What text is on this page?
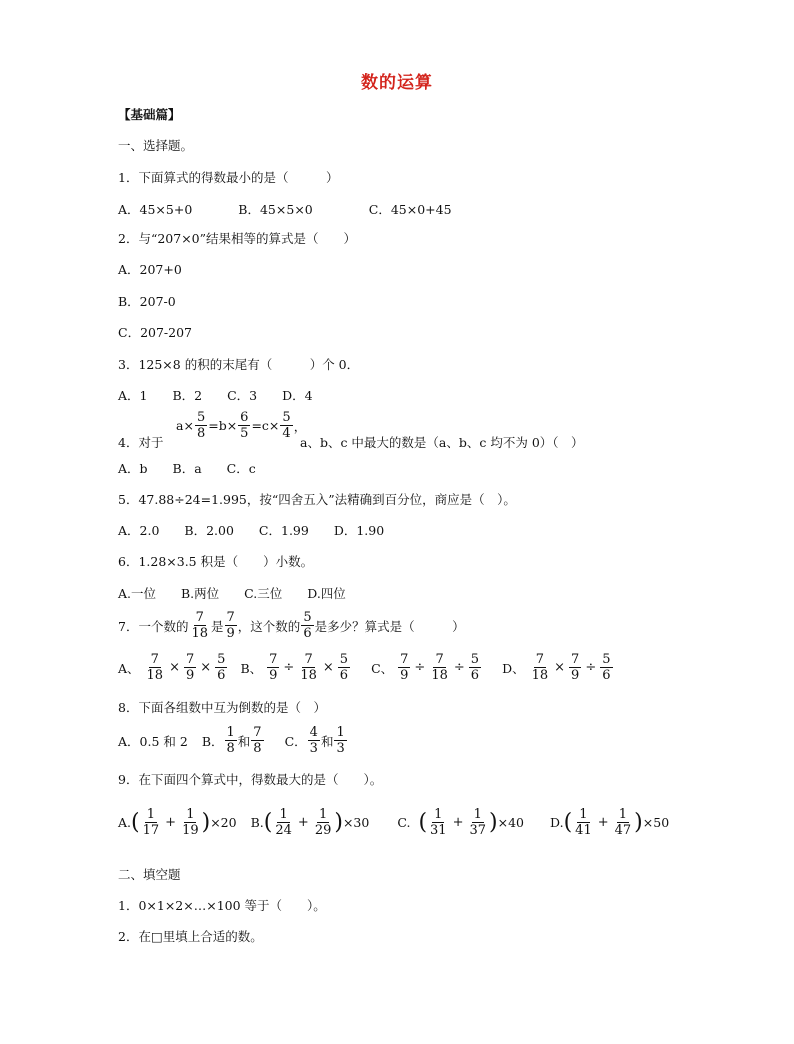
数的运算
【基础篇】
一、选择题。
1．下面算式的得数最小的是（　　　）
A．45×5+0	B．45×5×0	C．45×0+45
2．与“207×0”结果相等的算式是（　　）
A．207+0
B．207-0
C．207-207
3．125×8 的积的末尾有（　　　）个 0．
A．1　　B．2　　C．3　　D．4
$a\times \frac{5}{8} =b\times \frac{6}{5} =c\times \frac{5}{4}$ ，
4．对于	a、b、c 中最大的数是（a、b、c 均不为 0）（　）
A．b　　B．a　　C．c
5．47.88÷24=1.995，按“四舍五入”法精确到百分位，商应是（　）。
A．2.0　　B．2.00　　C．1.99　　D．1.90
6．1.28×3.5 积是（　　）小数。
A.一位　　B.两位　　C.三位　　D.四位
7．一个数的 $\frac{7}{18}$ 是 $\frac{7}{9}$ ，这个数的 $\frac{5}{6}$ 是多少？算式是（　　　）
A、 $\frac{7}{18} \times \frac{7}{9} \times \frac{5}{6}$ B、 $\frac{7}{9} \div \frac{7}{18} \times \frac{5}{6}$ C、 $\frac{7}{9} \div \frac{7}{18} \div \frac{5}{6}$ D、 $\frac{7}{18} \times \frac{7}{9} \div \frac{5}{6}$
8．下面各组数中互为倒数的是（　）
A．0.5 和 2 B． $\frac{1}{8}$ 和 $\frac{7}{8}$ C． $\frac{4}{3}$ 和 $\frac{1}{3}$
9．在下面四个算式中，得数最大的是（　　）。
A. ( $\frac{1}{17} + \frac{1}{19}$ ) ×20 B. ( $\frac{1}{24} + \frac{1}{29}$ ) ×30 C. ( $\frac{1}{31} + \frac{1}{37}$ ) ×40 D. ( $\frac{1}{41} + \frac{1}{47}$ ) ×50
二、填空题
1．0×1×2×…×100 等于（　　）。
2．在□里填上合适的数。
